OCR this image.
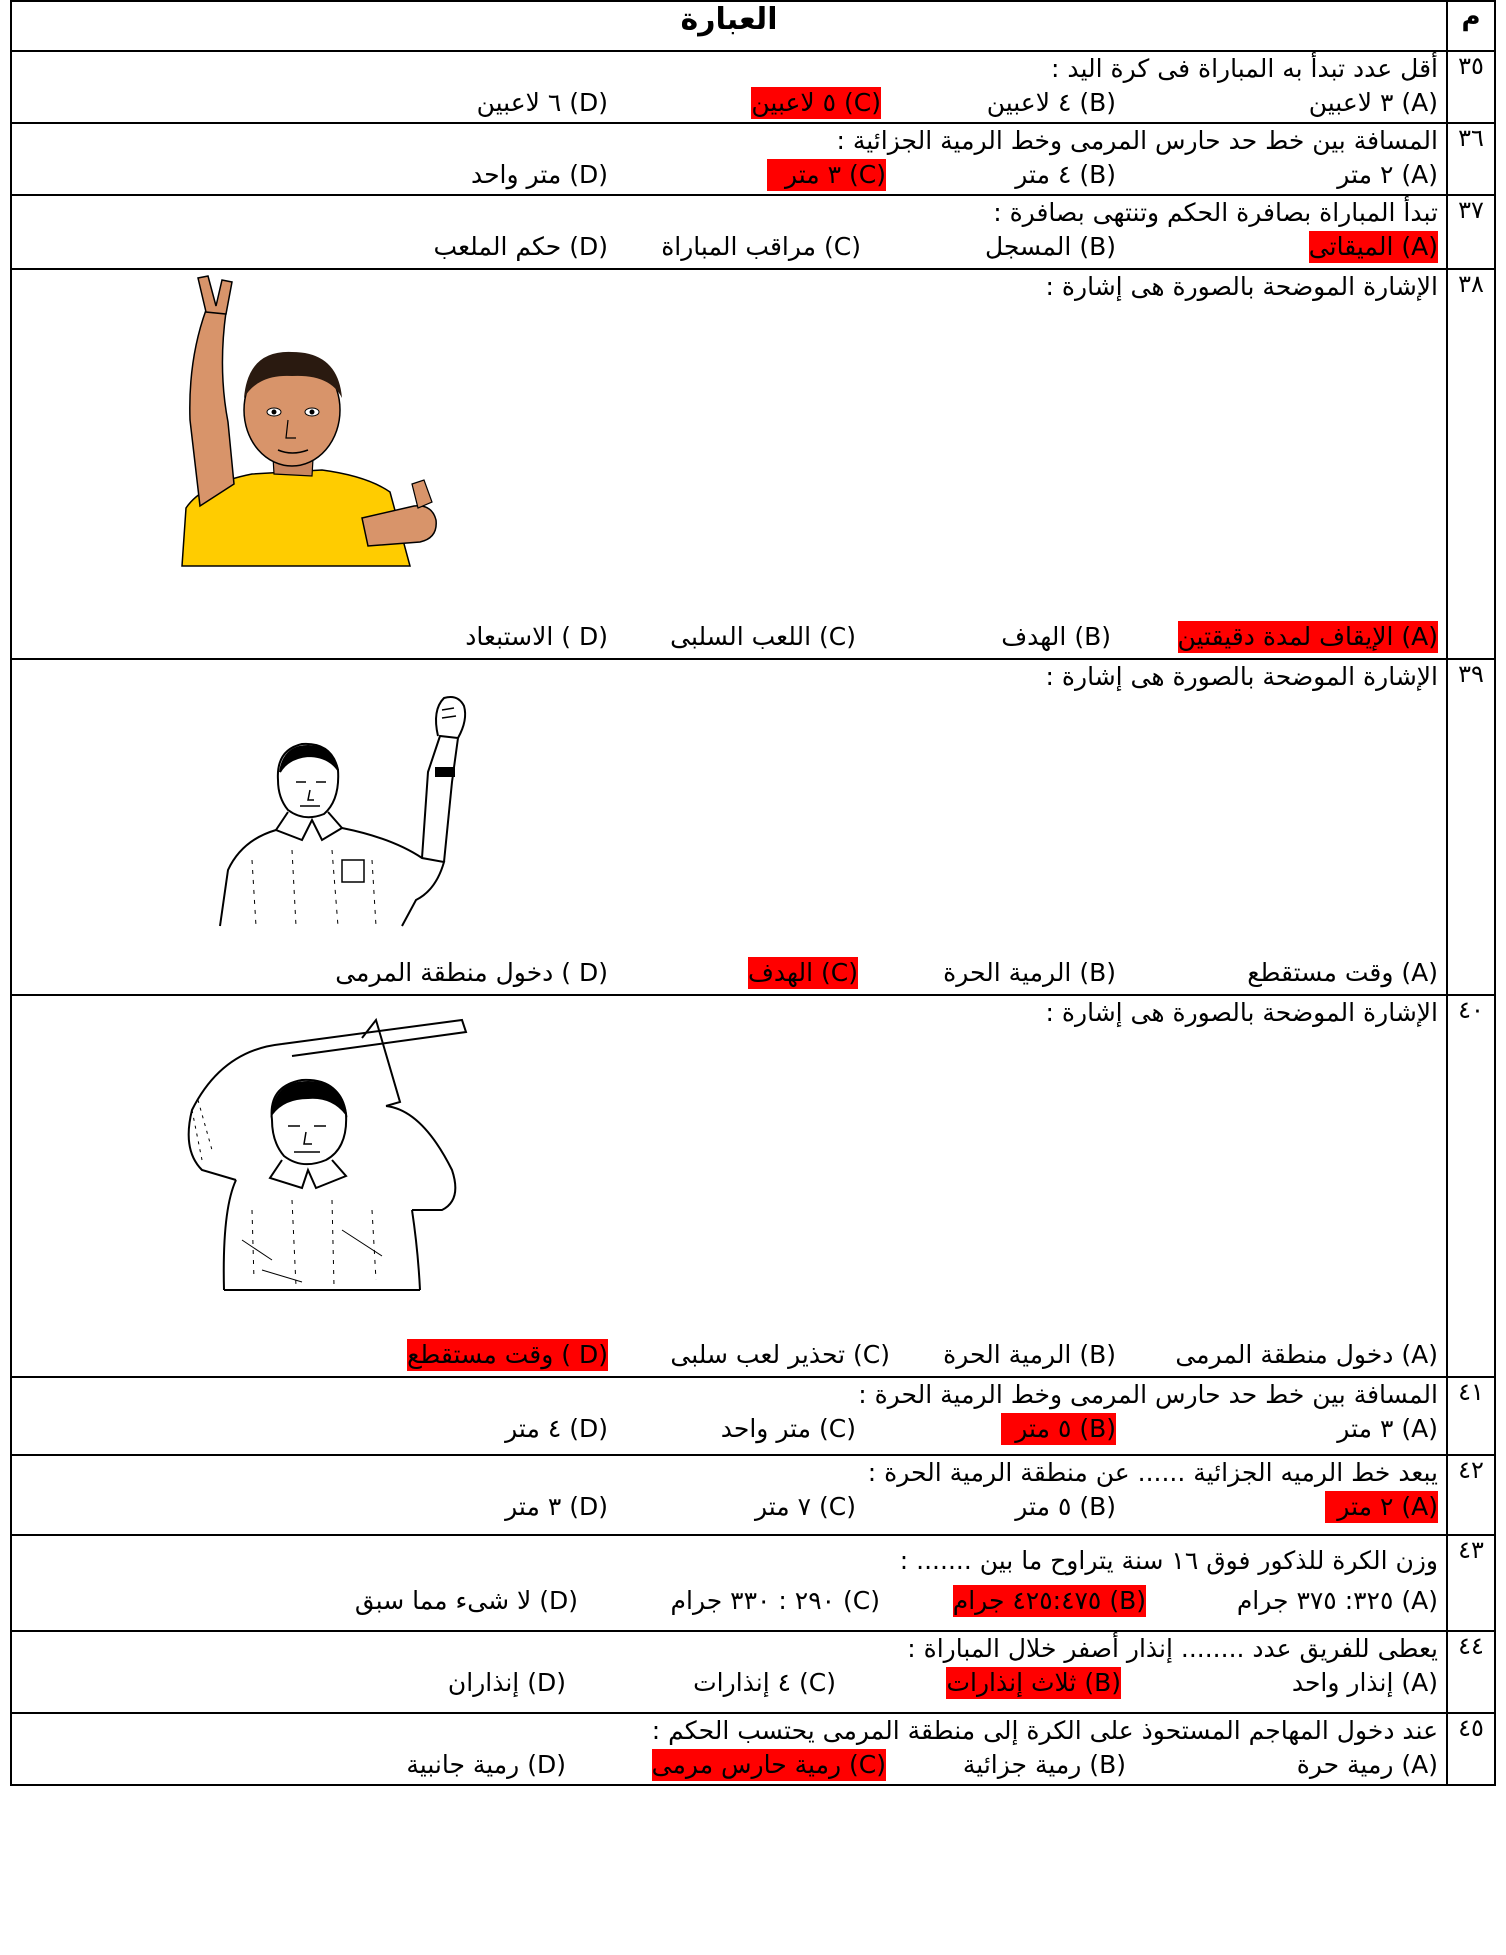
م	العبارة
٣٥	أقل عدد تبدأ به المباراة فى كرة اليد :
(A) ٣ لاعبين
(B) ٤ لاعبين
(C) ٥ لاعبين
(D) ٦ لاعبين

٣٦	المسافة بين خط حد حارس المرمى وخط الرمية الجزائية :
(A) ٢ متر
(B) ٤ متر
(C) ٣ متر
(D) متر واحد

٣٧	تبدأ المباراة بصافرة الحكم وتنتهى بصافرة :
(A) الميقاتى
(B) المسجل
(C) مراقب المباراة
(D) حكم الملعب

٣٨	الإشارة الموضحة بالصورة هى إشارة :
(A) الإيقاف لمدة دقيقتين
(B) الهدف
(C) اللعب السلبى
(D ) الاستبعاد

٣٩	الإشارة الموضحة بالصورة هى إشارة :
(A) وقت مستقطع
(B) الرمية الحرة
(C) الهدف
(D ) دخول منطقة المرمى

٤٠	الإشارة الموضحة بالصورة هى إشارة :
(A) دخول منطقة المرمى
(B) الرمية الحرة
(C) تحذير لعب سلبى
(D ) وقت مستقطع

٤١	المسافة بين خط حد حارس المرمى وخط الرمية الحرة :
(A) ٣ متر
(B) ٥ متر
(C) متر واحد
(D) ٤ متر

٤٢	يبعد خط الرميه الجزائية ...... عن منطقة الرمية الحرة :
(A) ٢ متر
(B) ٥ متر
(C) ٧ متر
(D) ٣ متر

٤٣	وزن الكرة للذكور فوق ١٦ سنة يتراوح ما بين ....... :
(A) ٣٢٥: ٣٧٥ جرام
(B) ٤٢٥:٤٧٥ جرام
(C) ٢٩٠ : ٣٣٠ جرام
(D) لا شىء مما سبق

٤٤	يعطى للفريق عدد ........ إنذار أصفر خلال المباراة :
(A) إنذار واحد
(B) ثلاث إنذارات
(C) ٤ إنذارات
(D) إنذاران

٤٥	عند دخول المهاجم المستحوذ على الكرة إلى منطقة المرمى يحتسب الحكم :
(A) رمية حرة
(B) رمية جزائية
(C) رمية حارس مرمى
(D) رمية جانبية
